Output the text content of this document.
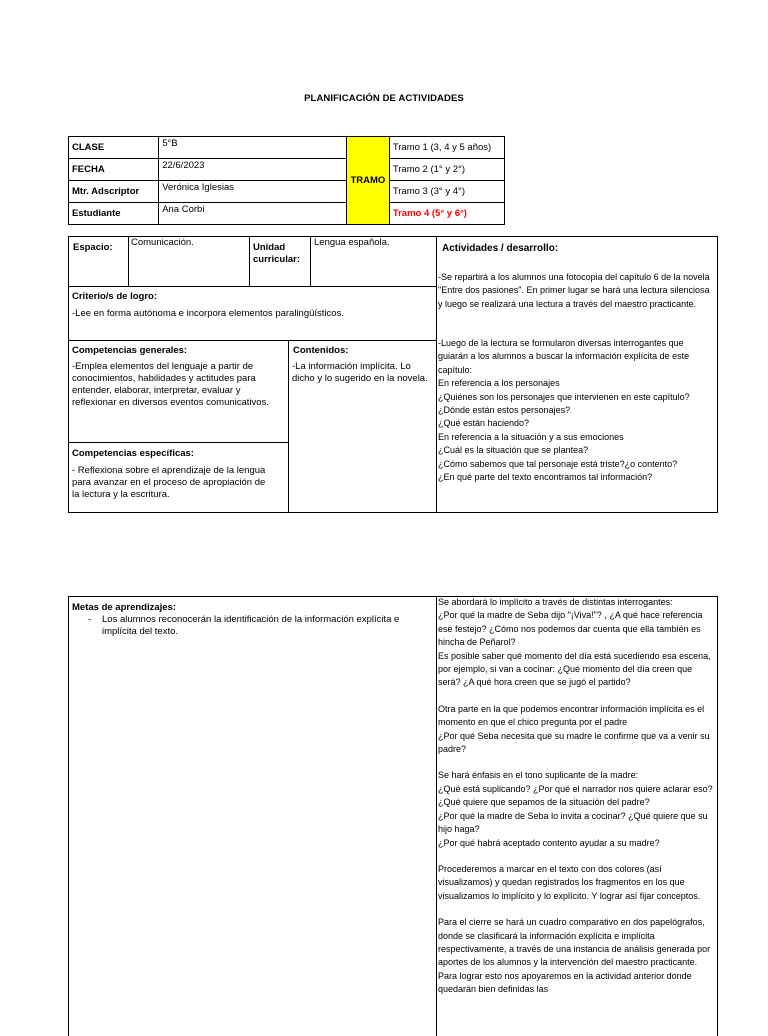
PLANIFICACIÓN DE ACTIVIDADES
CLASE	5°B	TRAMO	Tramo 1 (3, 4 y 5 años)
FECHA	22/6/2023		Tramo 2 (1° y 2°)
Mtr. Adscriptor	Verónica Iglesias		Tramo 3 (3° y 4°)
Estudiante	Ana Corbi		Tramo 4 (5° y 6°)
Espacio: Comunicación.	Unidad curricular:
Lengua española.
Actividades / desarrollo:
Criterio/s de logro:
-Lee en forma autónoma e incorpora elementos paralingüísticos.
Competencias generales:
-Emplea elementos del lenguaje a partir de conocimientos, habilidades y actitudes para entender, elaborar, interpretar, evaluar y reflexionar en diversos eventos comunicativos.
Contenidos:
-La información implícita. Lo dicho y lo sugerido en la novela.
Competencias específicas:
- Reflexiona sobre el aprendizaje de la lengua para avanzar en el proceso de apropiación de la lectura y la escritura.
-Se repartirá a los alumnos una fotocopia del capítulo 6 de la novela "Entre dos pasiones". En primer lugar se hará una lectura silenciosa y luego se realizará una lectura a través del maestro practicante.
-Luego de la lectura se formularon diversas interrogantes que guiarán a los alumnos a buscar la información explícita de este capítulo:
En referencia a los personajes
¿Quiénes son los personajes que intervienen en este capítulo?
¿Dónde están estos personajes?
¿Qué están haciendo?
En referencia a la situación y a sus emociones
¿Cuál es la situación que se plantea?
¿Cómo sabemos que tal personaje está triste?¿o contento?
¿En qué parte del texto encontramos tal información?
Metas de aprendizajes:
- Los alumnos reconocerán la identificación de la información explícita e implícita del texto.

Se abordará lo implícito a través de distintas interrogantes:
¿Por qué la madre de Seba dijo "¡Viva!"? , ¿A qué hace referencia ese festejo? ¿Cómo nos podemos dar cuenta que ella también es hincha de Peñarol?
Es posible saber qué momento del día está sucediendo esa escena, por ejemplo, si van a cocinar: ¿Qué momento del día creen que será? ¿A qué hora creen que se jugó el partido?

Otra parte en la que podemos encontrar información implícita es el momento en que el chico pregunta por el padre
¿Por qué Seba necesita que su madre le confirme que va a venir su padre?

Se hará énfasis en el tono suplicante de la madre:
¿Qué está suplicando? ¿Por qué el narrador nos quiere aclarar eso? ¿Qué quiere que sepamos de la situación del padre?
¿Por qué la madre de Seba lo invita a cocinar? ¿Qué quiere que su hijo haga?
¿Por qué habrá aceptado contento ayudar a su madre?

Procederemos a marcar en el texto con dos colores (así visualizamos) y quedan registrados los fragmentos en los que visualizamos lo implícito y lo explícito. Y lograr así fijar conceptos.

Para el cierre se hará un cuadro comparativo en dos papelógrafos, donde se clasificará la información explícita e implícita respectivamente, a través de una instancia de análisis generada por aportes de los alumnos y la intervención del maestro practicante. Para lograr esto nos apoyaremos en la actividad anterior donde quedarán bien definidas las
